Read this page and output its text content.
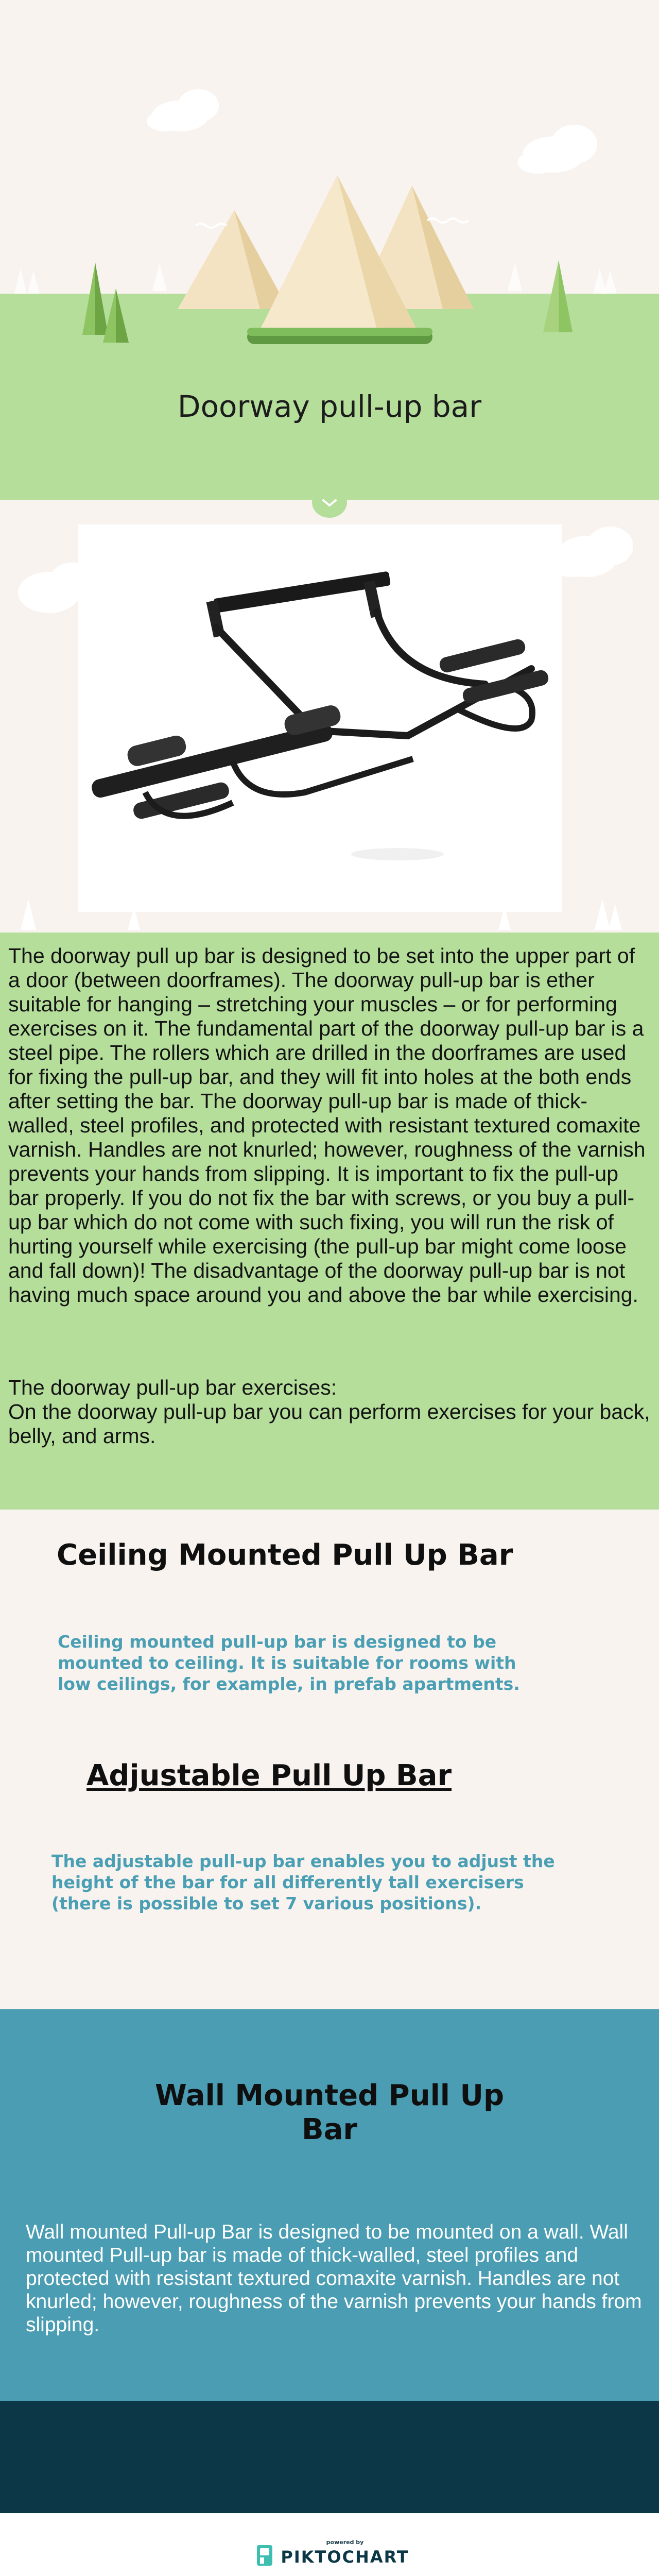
Doorway pull-up bar

The doorway pull up bar is designed to be set into the upper part of a door (between doorframes). The doorway pull-up bar is ether suitable for hanging – stretching your muscles – or for performing exercises on it. The fundamental part of the doorway pull-up bar is a steel pipe. The rollers which are drilled in the doorframes are used for fixing the pull-up bar, and they will fit into holes at the both ends after setting the bar. The doorway pull-up bar is made of thick-walled, steel profiles, and protected with resistant textured comaxite varnish. Handles are not knurled; however, roughness of the varnish prevents your hands from slipping. It is important to fix the pull-up bar properly. If you do not fix the bar with screws, or you buy a pull-up bar which do not come with such fixing, you will run the risk of hurting yourself while exercising (the pull-up bar might come loose and fall down)! The disadvantage of the doorway pull-up bar is not having much space around you and above the bar while exercising.

The doorway pull-up bar exercises:

On the doorway pull-up bar you can perform exercises for your back, belly, and arms.

Ceiling Mounted Pull Up Bar

Ceiling mounted pull-up bar is designed to be mounted to ceiling. It is suitable for rooms with low ceilings, for example, in prefab apartments.

Adjustable Pull Up Bar

The adjustable pull-up bar enables you to adjust the height of the bar for all differently tall exercisers (there is possible to set 7 various positions).

Wall Mounted Pull Up Bar

Wall mounted Pull-up Bar is designed to be mounted on a wall. Wall mounted Pull-up bar is made of thick-walled, steel profiles and protected with resistant textured comaxite varnish. Handles are not knurled; however, roughness of the varnish prevents your hands from slipping.

powered by
PIKTOCHART
